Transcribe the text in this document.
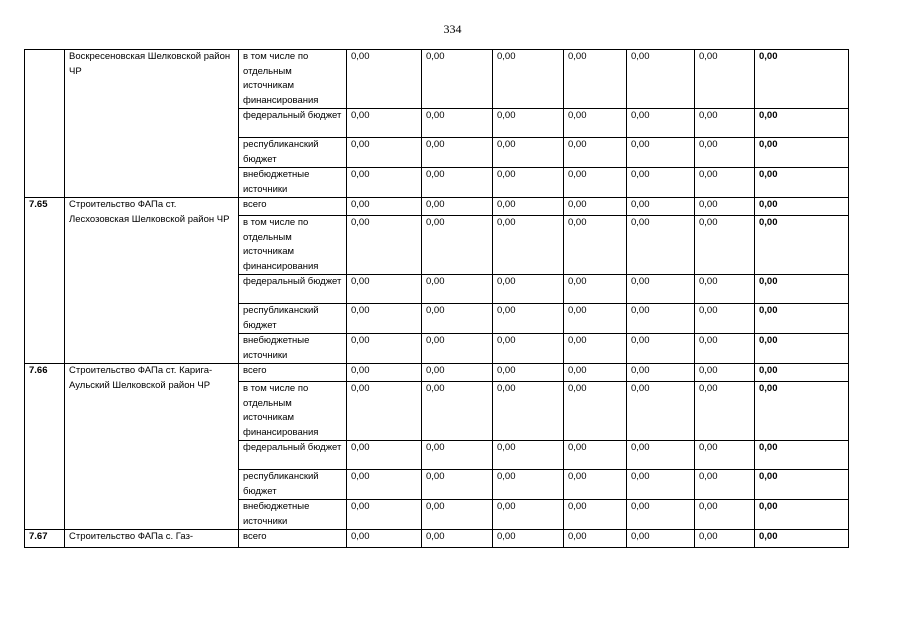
334
	Воскресеновская Шелковской район ЧР	в том числе по отдельным источникам финансирования	0,00	0,00	0,00	0,00	0,00	0,00	0,00
		федеральный бюджет	0,00	0,00	0,00	0,00	0,00	0,00	0,00
		республиканский бюджет	0,00	0,00	0,00	0,00	0,00	0,00	0,00
		внебюджетные источники	0,00	0,00	0,00	0,00	0,00	0,00	0,00
7.65	Строительство ФАПа ст. Лесхозовская Шелковской район ЧР	всего	0,00	0,00	0,00	0,00	0,00	0,00	0,00
		в том числе по отдельным источникам финансирования	0,00	0,00	0,00	0,00	0,00	0,00	0,00
		федеральный бюджет	0,00	0,00	0,00	0,00	0,00	0,00	0,00
		республиканский бюджет	0,00	0,00	0,00	0,00	0,00	0,00	0,00
		внебюджетные источники	0,00	0,00	0,00	0,00	0,00	0,00	0,00
7.66	Строительство ФАПа ст. Карига-Аульский Шелковской район ЧР	всего	0,00	0,00	0,00	0,00	0,00	0,00	0,00
		в том числе по отдельным источникам финансирования	0,00	0,00	0,00	0,00	0,00	0,00	0,00
		федеральный бюджет	0,00	0,00	0,00	0,00	0,00	0,00	0,00
		республиканский бюджет	0,00	0,00	0,00	0,00	0,00	0,00	0,00
		внебюджетные источники	0,00	0,00	0,00	0,00	0,00	0,00	0,00
7.67	Строительство ФАПа с. Газ-	всего	0,00	0,00	0,00	0,00	0,00	0,00	0,00
